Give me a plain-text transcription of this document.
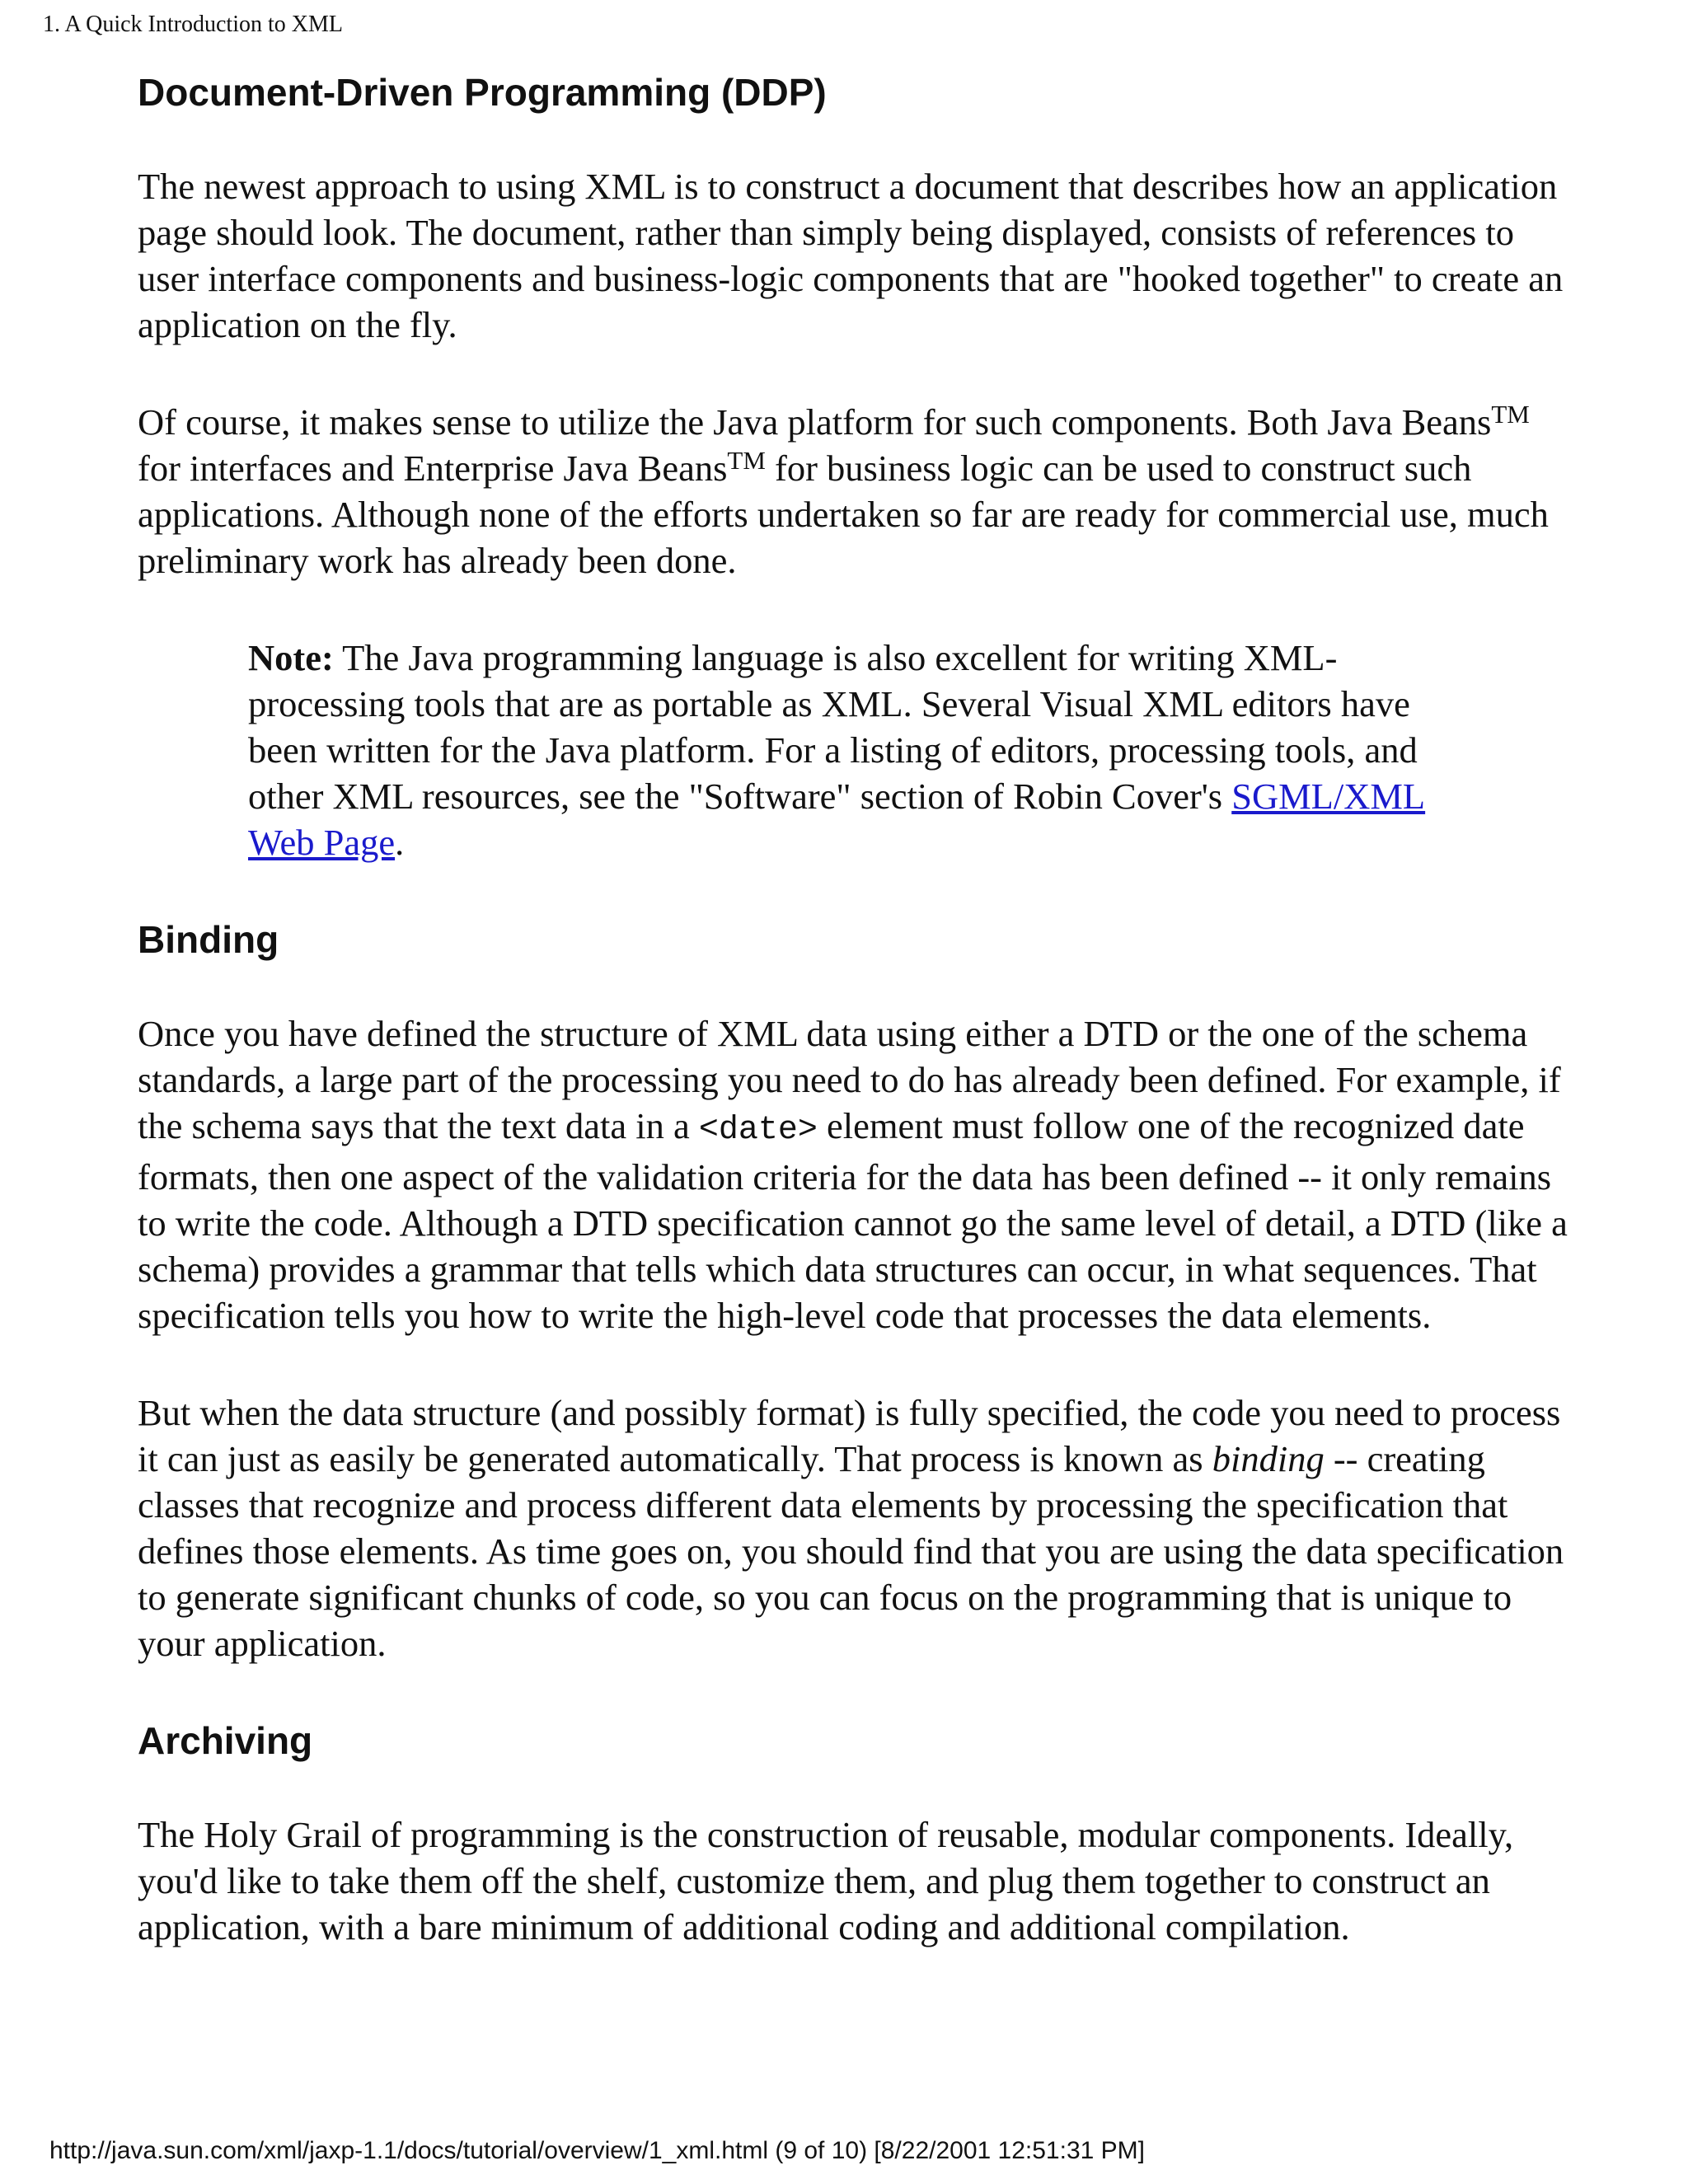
1. A Quick Introduction to XML
Document-Driven Programming (DDP)

The newest approach to using XML is to construct a document that describes how an application page should look. The document, rather than simply being displayed, consists of references to user interface components and business-logic components that are "hooked together" to create an application on the fly.

Of course, it makes sense to utilize the Java platform for such components. Both Java Beans™ for interfaces and Enterprise Java Beans™ for business logic can be used to construct such applications. Although none of the efforts undertaken so far are ready for commercial use, much preliminary work has already been done.

Note: The Java programming language is also excellent for writing XML-processing tools that are as portable as XML. Several Visual XML editors have been written for the Java platform. For a listing of editors, processing tools, and other XML resources, see the "Software" section of Robin Cover's SGML/XML Web Page.

Binding

Once you have defined the structure of XML data using either a DTD or the one of the schema standards, a large part of the processing you need to do has already been defined. For example, if the schema says that the text data in a <date> element must follow one of the recognized date formats, then one aspect of the validation criteria for the data has been defined -- it only remains to write the code. Although a DTD specification cannot go the same level of detail, a DTD (like a schema) provides a grammar that tells which data structures can occur, in what sequences. That specification tells you how to write the high-level code that processes the data elements.

But when the data structure (and possibly format) is fully specified, the code you need to process it can just as easily be generated automatically. That process is known as binding -- creating classes that recognize and process different data elements by processing the specification that defines those elements. As time goes on, you should find that you are using the data specification to generate significant chunks of code, so you can focus on the programming that is unique to your application.

Archiving

The Holy Grail of programming is the construction of reusable, modular components. Ideally, you'd like to take them off the shelf, customize them, and plug them together to construct an application, with a bare minimum of additional coding and additional compilation.

http://java.sun.com/xml/jaxp-1.1/docs/tutorial/overview/1_xml.html (9 of 10) [8/22/2001 12:51:31 PM]
